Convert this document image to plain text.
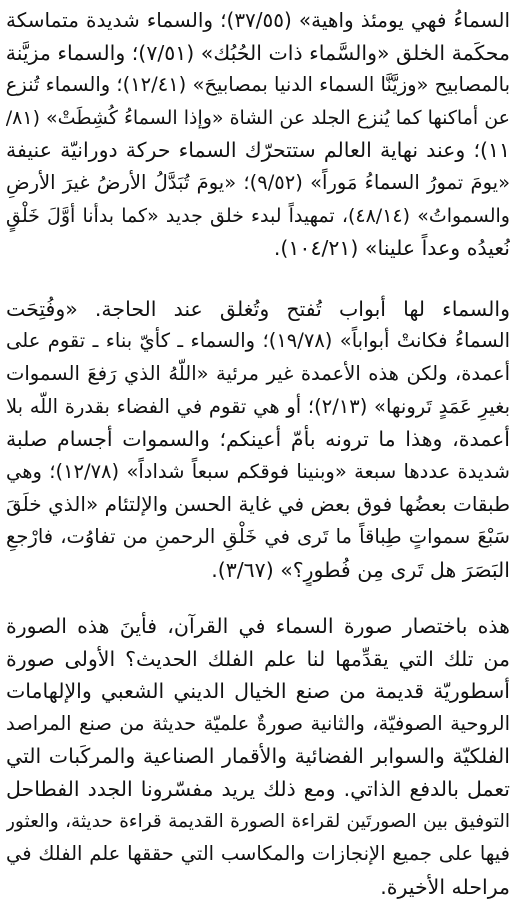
السماءُ فهي يومئذ واهية» (٣٧/٥٥)؛ والسماء شديدة متماسكة
محكَمة الخلق «والسَّماء ذات الحُبُك» (٧/٥١)؛ والسماء مزيَّنة
بالمصابيح «وزيَّنَّا السماء الدنيا بمصابيحَ» (١٢/٤١)؛ والسماء تُنزع
عن أماكنها كما يُنزع الجلد عن الشاة «وإذا السماءُ كُشِطَتْ» (٨١/
١١)؛ وعند نهاية العالم ستتحرّك السماء حركة دورانيّة عنيفة
«يومَ تمورُ السماءُ مَوراً» (٩/٥٢)؛ «يومَ تُبَدَّلُ الأرضُ غيرَ الأرضِ
والسمواتُ» (٤٨/١٤)، تمهيداً لبدء خلق جديد «كما بدأنا أوَّلَ خَلْقٍ
نُعيدُه وعداً علينا» (١٠٤/٢١).
والسماء لها أبواب تُفتح وتُغلق عند الحاجة. «وفُتِحَت
السماءُ فكانتْ أبواباً» (١٩/٧٨)؛ والسماء ـ كأيّ بناء ـ تقوم على
أعمدة، ولكن هذه الأعمدة غير مرئية «اللّهُ الذي رَفعَ السموات
بغيرِ عَمَدٍ تَرونها» (٢/١٣)؛ أو هي تقوم في الفضاء بقدرة اللّه بلا
أعمدة، وهذا ما ترونه بأمّ أعينكم؛ والسموات أجسام صلبة
شديدة عددها سبعة «وبنينا فوقكم سبعاً شداداً» (١٢/٧٨)؛ وهي
طبقات بعضُها فوق بعض في غاية الحسن والإلتئام «الذي خلَقَ
سَبْعَ سمواتٍ طِباقاً ما تَرى في خَلْقِ الرحمنِ من تفاوُت، فارْجعِ
البَصَرَ هل تَرى مِن فُطورٍ؟» (٣/٦٧).
هذه باختصار صورة السماء في القرآن، فأينَ هذه الصورة
من تلك التي يقدِّمها لنا علم الفلك الحديث؟ الأولى صورة
أسطوريّة قديمة من صنع الخيال الديني الشعبي والإلهامات
الروحية الصوفيّة، والثانية صورةٌ علميّة حديثة من صنع المراصد
الفلكيّة والسوابر الفضائية والأقمار الصناعية والمركَبات التي
تعمل بالدفع الذاتي. ومع ذلك يريد مفسّرونا الجدد الفطاحل
التوفيق بين الصورتَين لقراءة الصورة القديمة قراءة حديثة، والعثور
فيها على جميع الإنجازات والمكاسب التي حققها علم الفلك في
مراحله الأخيرة.
